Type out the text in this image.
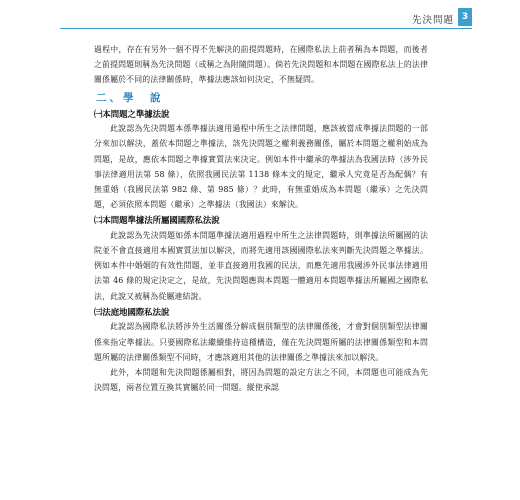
先決問題 3

過程中，存在有另外一個不得不先解決的前提問題時，在國際私法上前者稱為本問題，而後者之前提問題則稱為先決問題（或稱之為附隨問題）。倘若先決問題和本問題在國際私法上的法律關係屬於不同的法律關係時，準據法應該如何決定，不無疑問。

二、學　說
㈠本問題之準據法說

此說認為先決問題本係準據法適用過程中所生之法律問題，應該被當成準據法問題的一部分來加以解決，蓋依本問題之準據法，該先決問題之權利義務關係，屬於本問題之權利始成為問題，是故，應依本問題之準據實質法來決定。例如本件中繼承的準據法為我國法時（涉外民事法律適用法第 58 條），依照我國民法第 1138 條本文的規定，繼承人究竟是否為配偶？有無重婚（我國民法第 982 條、第 985 條）？此時，有無重婚成為本問題（繼承）之先決問題，必須依照本問題（繼承）之準據法（我國法）來解決。

㈡本問題準據法所屬國國際私法說

此說認為先決問題如係本問題準據法適用過程中所生之法律問題時，則準據法所屬國的法院並不會直接適用本國實質法加以解決，而將先適用該國國際私法來判斷先決問題之準據法。例如本件中婚姻的有效性問題，並非直接適用我國的民法，而應先適用我國涉外民事法律適用法第 46 條的規定決定之，是故，先決問題應與本問題一體適用本問題準據法所屬國之國際私法，此說又被稱為從屬連結說。

㈢法庭地國際私法說

此說認為國際私法將涉外生活關係分解成個別類型的法律關係後，才會對個別類型法律關係來指定準據法。只要國際私法繼續維持這種構造，僅在先決問題所屬的法律關係類型和本問題所屬的法律關係類型不同時，才應該適用其他的法律關係之準據法來加以解決。

此外，本問題和先決問題係屬相對，將因為問題的設定方法之不同，本問題也可能成為先決問題，兩者位置互換其實屬於同一問題。縱使承認
